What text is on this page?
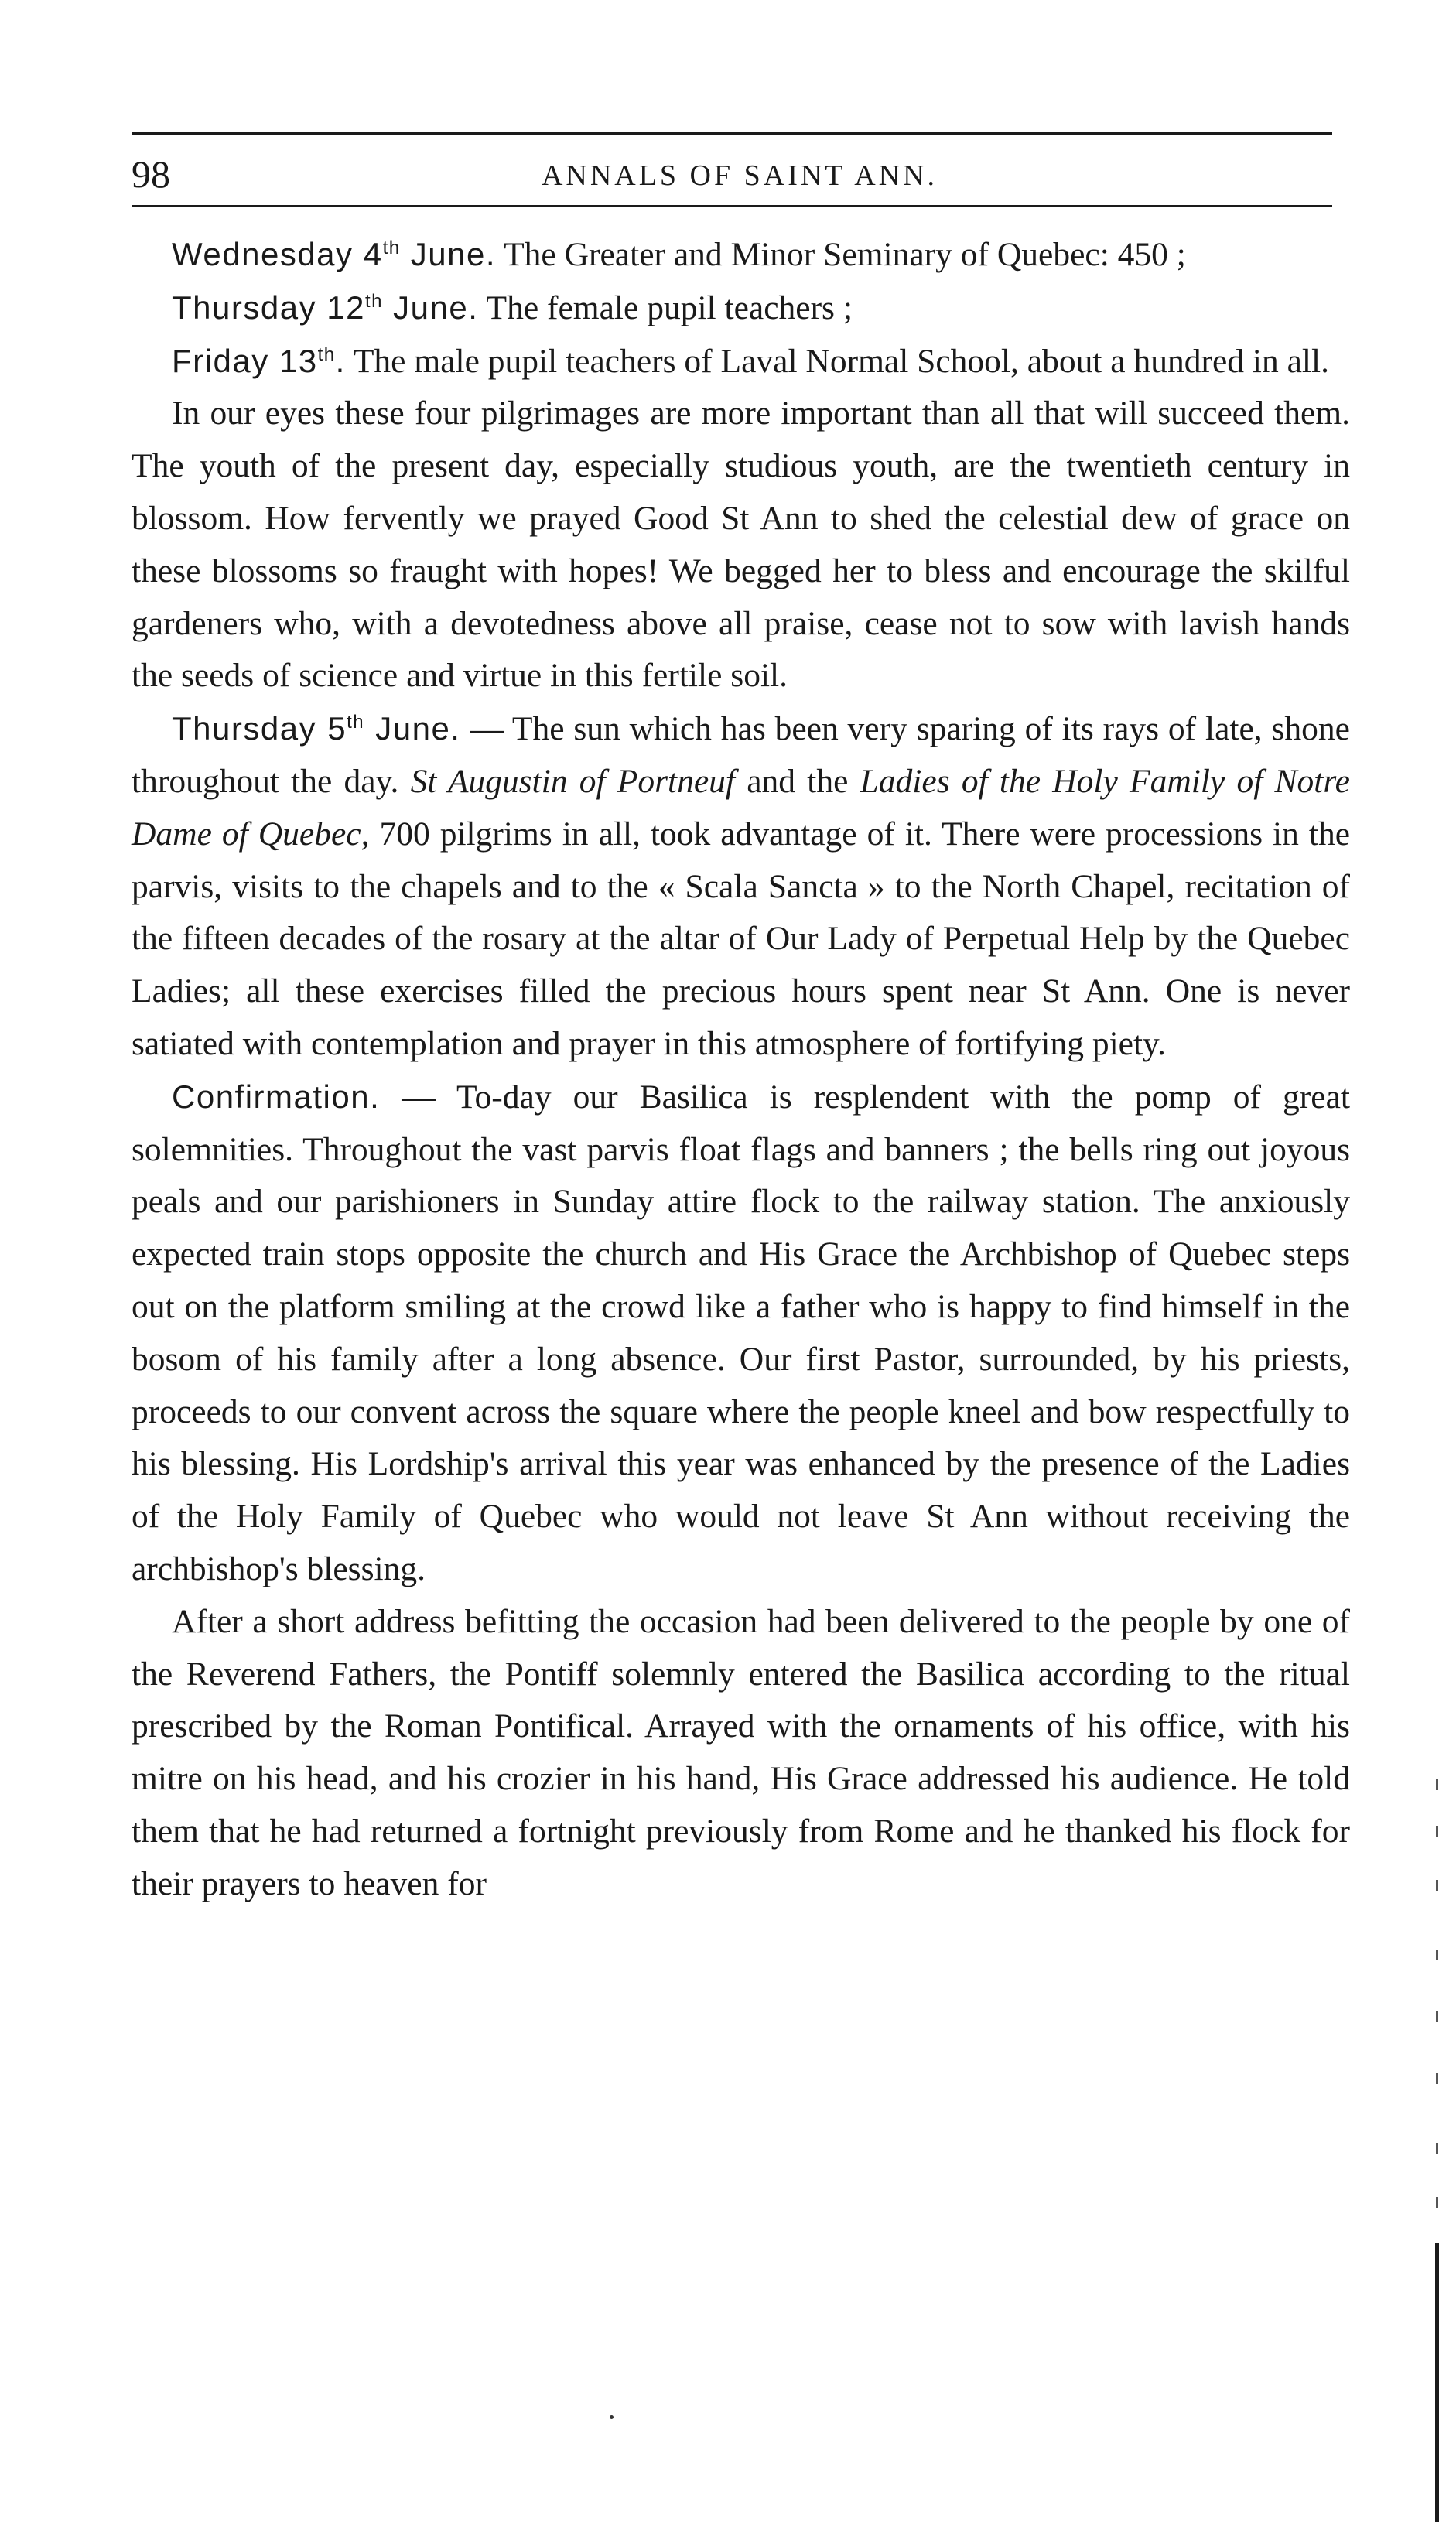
98	ANNALS OF SAINT ANN.

Wednesday 4th June. The Greater and Minor Seminary of Quebec: 450 ;

Thursday 12th June. The female pupil teachers ;

Friday 13th. The male pupil teachers of Laval Normal School, about a hundred in all.

In our eyes these four pilgrimages are more important than all that will succeed them. The youth of the present day, especially studious youth, are the twentieth century in blossom. How fervently we prayed Good St Ann to shed the celestial dew of grace on these blossoms so fraught with hopes! We begged her to bless and encourage the skilful gardeners who, with a devotedness above all praise, cease not to sow with lavish hands the seeds of science and virtue in this fertile soil.

Thursday 5th June. — The sun which has been very sparing of its rays of late, shone throughout the day. St Augustin of Portneuf and the Ladies of the Holy Family of Notre Dame of Quebec, 700 pilgrims in all, took advantage of it. There were processions in the parvis, visits to the chapels and to the « Scala Sancta » to the North Chapel, recitation of the fifteen decades of the rosary at the altar of Our Lady of Perpetual Help by the Quebec Ladies; all these exercises filled the precious hours spent near St Ann. One is never satiated with contemplation and prayer in this atmosphere of fortifying piety.

Confirmation. — To-day our Basilica is resplendent with the pomp of great solemnities. Throughout the vast parvis float flags and banners ; the bells ring out joyous peals and our parishioners in Sunday attire flock to the railway station. The anxiously expected train stops opposite the church and His Grace the Archbishop of Quebec steps out on the platform smiling at the crowd like a father who is happy to find himself in the bosom of his family after a long absence. Our first Pastor, surrounded, by his priests, proceeds to our convent across the square where the people kneel and bow respectfully to his blessing. His Lordship's arrival this year was enhanced by the presence of the Ladies of the Holy Family of Quebec who would not leave St Ann without receiving the archbishop's blessing.

After a short address befitting the occasion had been delivered to the people by one of the Reverend Fathers, the Pontiff solemnly entered the Basilica according to the ritual prescribed by the Roman Pontifical. Arrayed with the ornaments of his office, with his mitre on his head, and his crozier in his hand, His Grace addressed his audience. He told them that he had returned a fortnight previously from Rome and he thanked his flock for their prayers to heaven for
